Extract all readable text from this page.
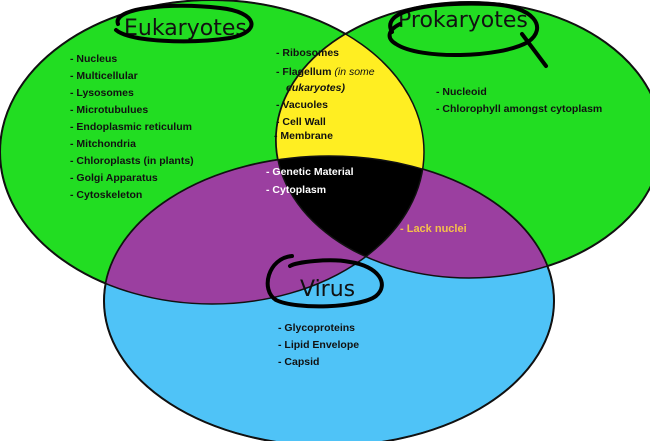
Eukaryotes	Prokaryotes
Virus
- Nucleus
- Multicellular
- Lysosomes
- Microtubulues
- Endoplasmic reticulum
- Mitchondria
- Chloroplasts (in plants)
- Golgi Apparatus
- Cytoskeleton
- Ribosomes
- Flagellum (in some
eukaryotes)
- Vacuoles
- Cell Wall
- Membrane
- Nucleoid
- Chlorophyll amongst cytoplasm
- Genetic Material
- Cytoplasm
- Lack nuclei
- Glycoproteins
- Lipid Envelope
- Capsid
